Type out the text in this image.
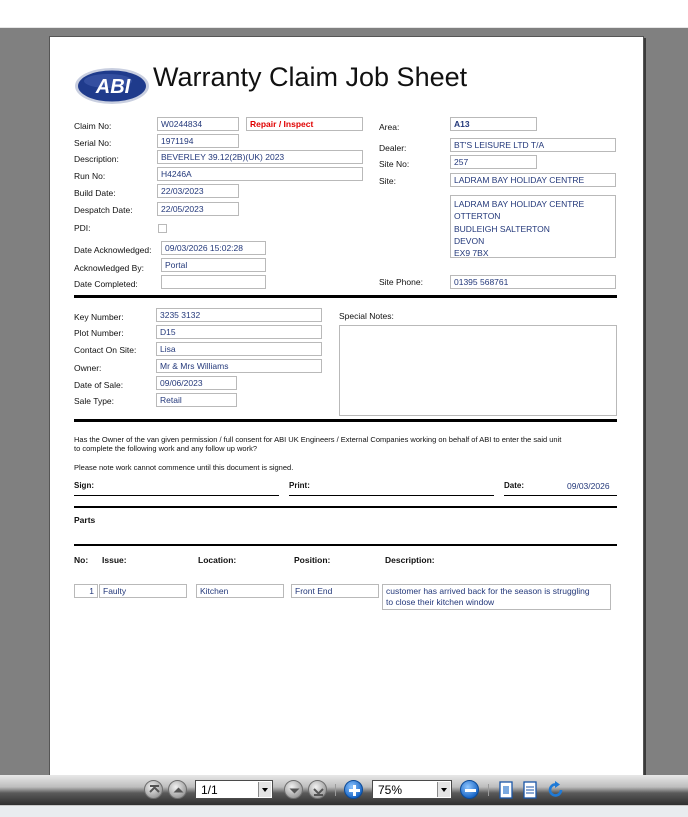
ABI Warranty Claim Job Sheet
Claim No:	W0244834	Repair / Inspect
Serial No:	1971194
Description:	BEVERLEY 39.12(2B)(UK) 2023
Run No:	H4246A
Build Date:	22/03/2023
Despatch Date:	22/05/2023
PDI:
Date Acknowledged:	09/03/2026 15:02:28
Acknowledged By:	Portal
Date Completed:
Area:	A13
Dealer:	BT'S LEISURE LTD T/A
Site No:	257
Site:	LADRAM BAY HOLIDAY CENTRE
LADRAM BAY HOLIDAY CENTRE
OTTERTON
BUDLEIGH SALTERTON
DEVON
EX9 7BX
Site Phone:	01395 568761
Key Number:	3235 3132
Plot Number:	D15
Contact On Site:	Lisa
Owner:	Mr & Mrs Williams
Date of Sale:	09/06/2023
Sale Type:	Retail
Special Notes:
Has the Owner of the van given permission / full consent for ABI UK Engineers / External Companies working on behalf of ABI to enter the said unit
to complete the following work and any follow up work?
Please note work cannot commence until this document is signed.
Sign:	Print:	Date:	09/03/2026
Parts
No: Issue:	Location:	Position:	Description:
1	Faulty	Kitchen	Front End	customer has arrived back for the season is struggling
to close their kitchen window
1/1	75%
